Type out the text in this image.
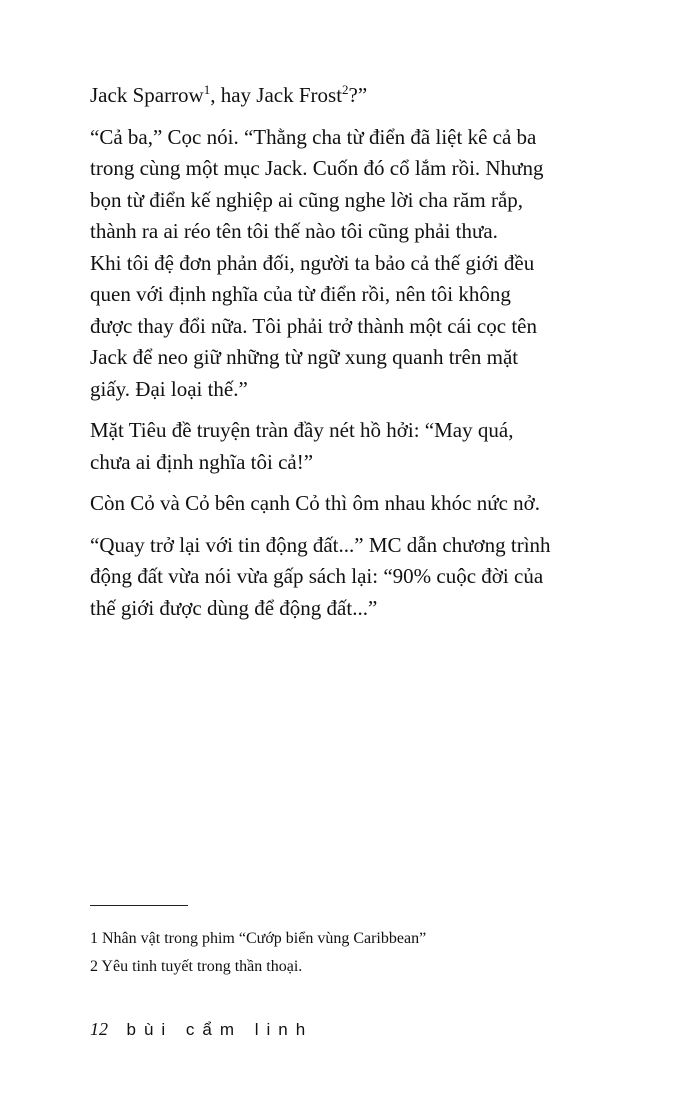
Jack Sparrow$^1$, hay Jack Frost$^2$?”

“Cả ba,” Cọc nói. “Thằng cha từ điển đã liệt kê cả ba
trong cùng một mục Jack. Cuốn đó cổ lắm rồi. Nhưng
bọn từ điển kế nghiệp ai cũng nghe lời cha răm rắp,
thành ra ai réo tên tôi thế nào tôi cũng phải thưa.
Khi tôi đệ đơn phản đối, người ta bảo cả thế giới đều
quen với định nghĩa của từ điển rồi, nên tôi không
được thay đổi nữa. Tôi phải trở thành một cái cọc tên
Jack để neo giữ những từ ngữ xung quanh trên mặt
giấy. Đại loại thế.”

Mặt Tiêu đề truyện tràn đầy nét hồ hởi: “May quá,
chưa ai định nghĩa tôi cả!”

Còn Cỏ và Cỏ bên cạnh Cỏ thì ôm nhau khóc nức nở.

“Quay trở lại với tin động đất...” MC dẫn chương trình
động đất vừa nói vừa gấp sách lại: “90% cuộc đời của
thế giới được dùng để động đất...”

1 Nhân vật trong phim “Cướp biển vùng Caribbean”
2 Yêu tinh tuyết trong thần thoại.
12 bùi cẩm linh
